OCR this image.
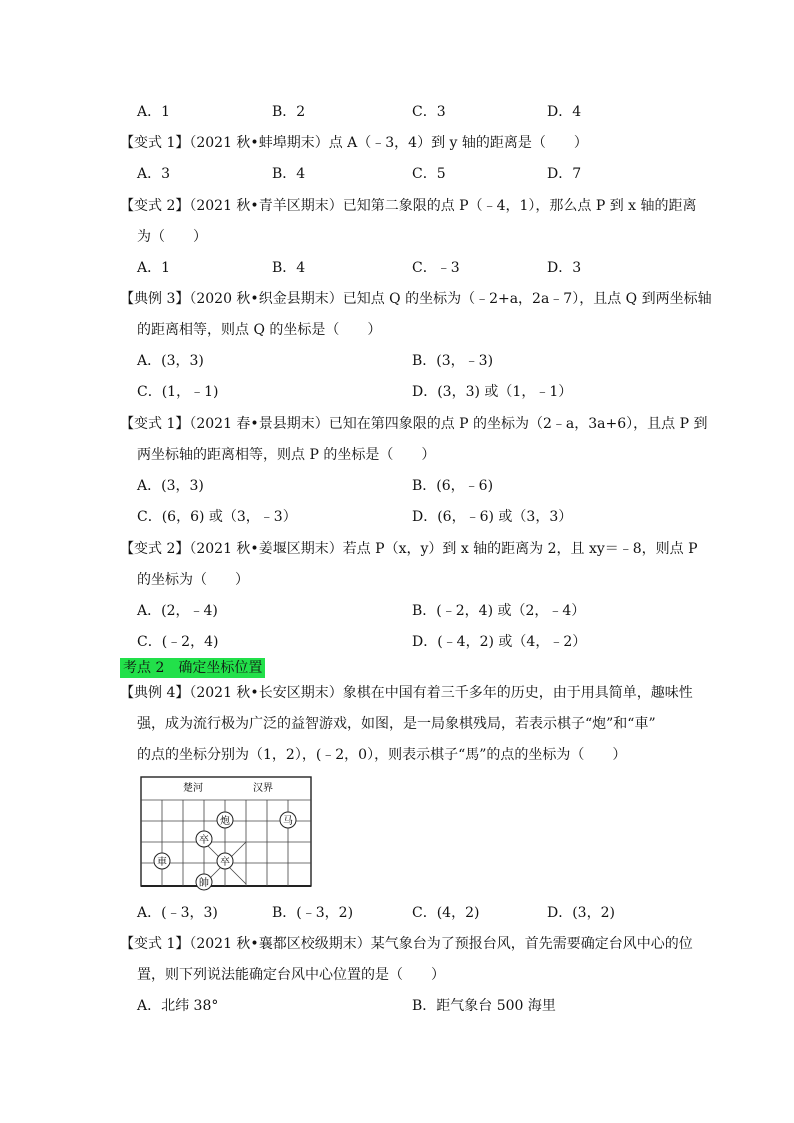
A．1	B．2	C．3	D．4
【变式 1】（2021 秋•蚌埠期末）点 A（﹣3，4）到 y 轴的距离是（　　）
A．3	B．4	C．5	D．7
【变式 2】（2021 秋•青羊区期末）已知第二象限的点 P（﹣4，1），那么点 P 到 x 轴的距离
为（　　）
A．1	B．4	C．﹣3	D．3
【典例 3】（2020 秋•织金县期末）已知点 Q 的坐标为（﹣2+a，2a﹣7），且点 Q 到两坐标轴
的距离相等，则点 Q 的坐标是（　　）
A．(3，3)	B．(3，﹣3)
C．(1，﹣1)	D．(3，3) 或（1，﹣1）
【变式 1】（2021 春•景县期末）已知在第四象限的点 P 的坐标为（2﹣a，3a+6），且点 P 到
两坐标轴的距离相等，则点 P 的坐标是（　　）
A．(3，3)	B．(6，﹣6)
C．(6，6) 或（3，﹣3）	D．(6，﹣6) 或（3，3）
【变式 2】（2021 秋•姜堰区期末）若点 P（x，y）到 x 轴的距离为 2，且 xy＝﹣8，则点 P
的坐标为（　　）
A．(2，﹣4)	B．(﹣2，4) 或（2，﹣4）
C．(﹣2，4)	D．(﹣4，2) 或（4，﹣2）
考点 2　确定坐标位置
【典例 4】（2021 秋•长安区期末）象棋在中国有着三千多年的历史，由于用具简单，趣味性
强，成为流行极为广泛的益智游戏，如图，是一局象棋残局，若表示棋子“炮”和“車”
的点的坐标分别为（1，2），(﹣2，0），则表示棋子“馬”的点的坐标为（　　）
楚河	汉界
炮	马
卒
車	卒
帥
A．(﹣3，3)	B．(﹣3，2)	C．(4，2)	D．(3，2)
【变式 1】（2021 秋•襄都区校级期末）某气象台为了预报台风，首先需要确定台风中心的位
置，则下列说法能确定台风中心位置的是（　　）
A．北纬 38°	B．距气象台 500 海里
